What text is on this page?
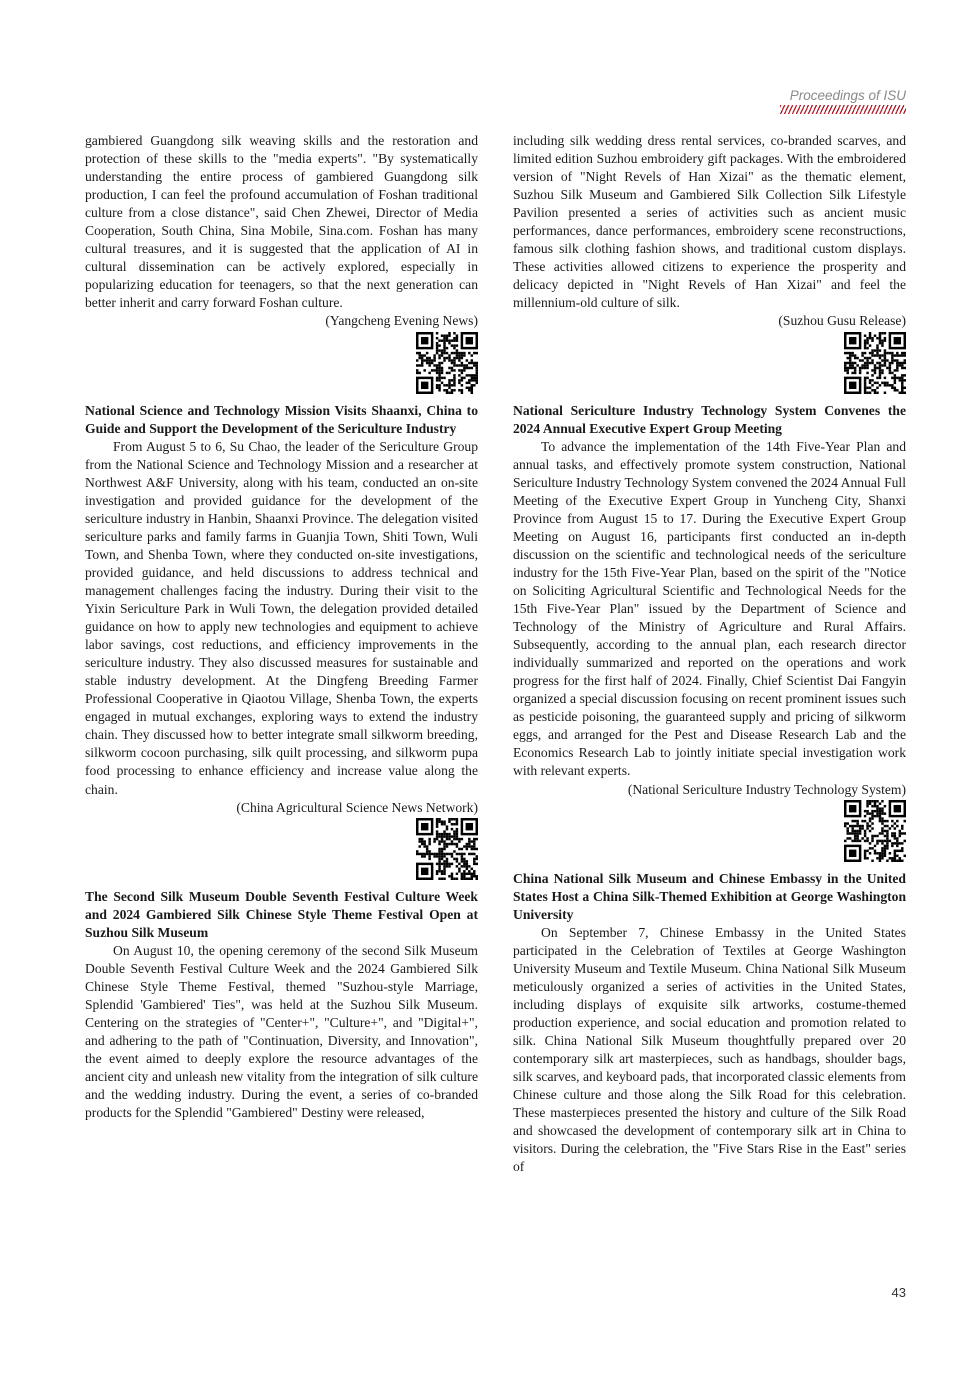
Proceedings of ISU

gambiered Guangdong silk weaving skills and the restoration and protection of these skills to the "media experts". "By systematically understanding the entire process of gambiered Guangdong silk production, I can feel the profound accumulation of Foshan traditional culture from a close distance", said Chen Zhewei, Director of Media Cooperation, South China, Sina Mobile, Sina.com. Foshan has many cultural treasures, and it is suggested that the application of AI in cultural dissemination can be actively explored, especially in popularizing education for teenagers, so that the next generation can better inherit and carry forward Foshan culture.

(Yangcheng Evening News)

National Science and Technology Mission Visits Shaanxi, China to Guide and Support the Development of the Sericulture Industry

From August 5 to 6, Su Chao, the leader of the Sericulture Group from the National Science and Technology Mission and a researcher at Northwest A&F University, along with his team, conducted an on-site investigation and provided guidance for the development of the sericulture industry in Hanbin, Shaanxi Province. The delegation visited sericulture parks and family farms in Guanjia Town, Shiti Town, Wuli Town, and Shenba Town, where they conducted on-site investigations, provided guidance, and held discussions to address technical and management challenges facing the industry. During their visit to the Yixin Sericulture Park in Wuli Town, the delegation provided detailed guidance on how to apply new technologies and equipment to achieve labor savings, cost reductions, and efficiency improvements in the sericulture industry. They also discussed measures for sustainable and stable industry development. At the Dingfeng Breeding Farmer Professional Cooperative in Qiaotou Village, Shenba Town, the experts engaged in mutual exchanges, exploring ways to extend the industry chain. They discussed how to better integrate small silkworm breeding, silkworm cocoon purchasing, silk quilt processing, and silkworm pupa food processing to enhance efficiency and increase value along the chain.

(China Agricultural Science News Network)

The Second Silk Museum Double Seventh Festival Culture Week and 2024 Gambiered Silk Chinese Style Theme Festival Open at Suzhou Silk Museum

On August 10, the opening ceremony of the second Silk Museum Double Seventh Festival Culture Week and the 2024 Gambiered Silk Chinese Style Theme Festival, themed "Suzhou-style Marriage, Splendid 'Gambiered' Ties", was held at the Suzhou Silk Museum. Centering on the strategies of "Center+", "Culture+", and "Digital+", and adhering to the path of "Continuation, Diversity, and Innovation", the event aimed to deeply explore the resource advantages of the ancient city and unleash new vitality from the integration of silk culture and the wedding industry. During the event, a series of co-branded products for the Splendid "Gambiered" Destiny were released,

including silk wedding dress rental services, co-branded scarves, and limited edition Suzhou embroidery gift packages. With the embroidered version of "Night Revels of Han Xizai" as the thematic element, Suzhou Silk Museum and Gambiered Silk Collection Silk Lifestyle Pavilion presented a series of activities such as ancient music performances, dance performances, embroidery scene reconstructions, famous silk clothing fashion shows, and traditional custom displays. These activities allowed citizens to experience the prosperity and delicacy depicted in "Night Revels of Han Xizai" and feel the millennium-old culture of silk.

(Suzhou Gusu Release)

National Sericulture Industry Technology System Convenes the 2024 Annual Executive Expert Group Meeting

To advance the implementation of the 14th Five-Year Plan and annual tasks, and effectively promote system construction, National Sericulture Industry Technology System convened the 2024 Annual Full Meeting of the Executive Expert Group in Yuncheng City, Shanxi Province from August 15 to 17. During the Executive Expert Group Meeting on August 16, participants first conducted an in-depth discussion on the scientific and technological needs of the sericulture industry for the 15th Five-Year Plan, based on the spirit of the "Notice on Soliciting Agricultural Scientific and Technological Needs for the 15th Five-Year Plan" issued by the Department of Science and Technology of the Ministry of Agriculture and Rural Affairs. Subsequently, according to the annual plan, each research director individually summarized and reported on the operations and work progress for the first half of 2024. Finally, Chief Scientist Dai Fangyin organized a special discussion focusing on recent prominent issues such as pesticide poisoning, the guaranteed supply and pricing of silkworm eggs, and arranged for the Pest and Disease Research Lab and the Economics Research Lab to jointly initiate special investigation work with relevant experts.

(National Sericulture Industry Technology System)

China National Silk Museum and Chinese Embassy in the United States Host a China Silk-Themed Exhibition at George Washington University

On September 7, Chinese Embassy in the United States participated in the Celebration of Textiles at George Washington University Museum and Textile Museum. China National Silk Museum meticulously organized a series of activities in the United States, including displays of exquisite silk artworks, costume-themed production experience, and social education and promotion related to silk. China National Silk Museum thoughtfully prepared over 20 contemporary silk art masterpieces, such as handbags, shoulder bags, silk scarves, and keyboard pads, that incorporated classic elements from Chinese culture and those along the Silk Road for this celebration. These masterpieces presented the history and culture of the Silk Road and showcased the development of contemporary silk art in China to visitors. During the celebration, the "Five Stars Rise in the East" series of

43
